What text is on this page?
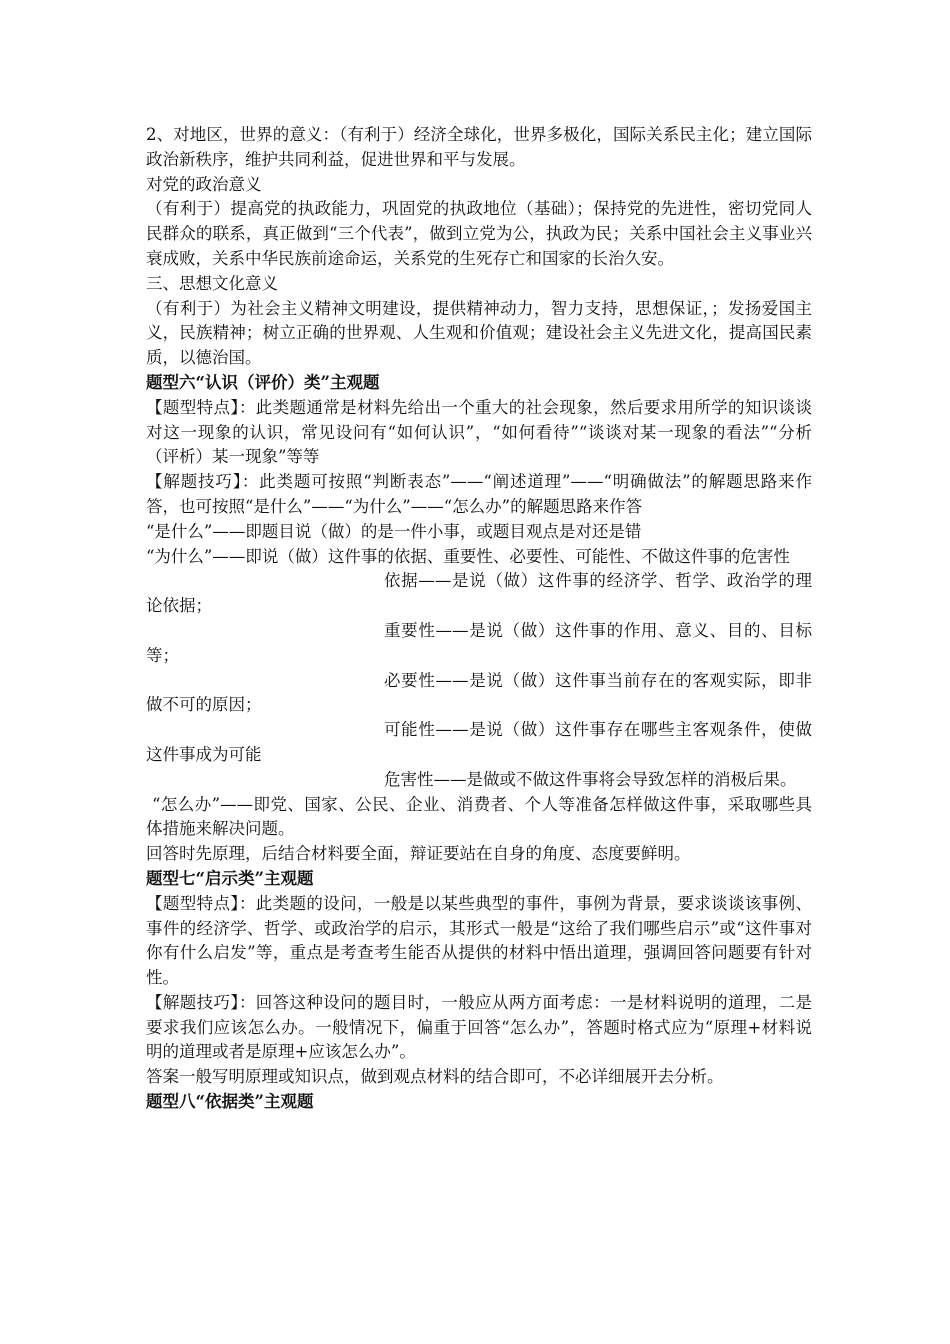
2、对地区，世界的意义：（有利于）经济全球化，世界多极化，国际关系民主化；建立国际政治新秩序，维护共同利益，促进世界和平与发展。

对党的政治意义

（有利于）提高党的执政能力，巩固党的执政地位（基础）；保持党的先进性，密切党同人民群众的联系，真正做到“三个代表”，做到立党为公，执政为民；关系中国社会主义事业兴衰成败，关系中华民族前途命运，关系党的生死存亡和国家的长治久安。

三、思想文化意义

（有利于）为社会主义精神文明建设，提供精神动力，智力支持，思想保证，；发扬爱国主义，民族精神；树立正确的世界观、人生观和价值观；建设社会主义先进文化，提高国民素质，以德治国。

题型六“认识（评价）类”主观题

【题型特点】：此类题通常是材料先给出一个重大的社会现象，然后要求用所学的知识谈谈对这一现象的认识，常见设问有“如何认识”，“如何看待”“谈谈对某一现象的看法”“分析（评析）某一现象”等等

【解题技巧】：此类题可按照“判断表态”——“阐述道理”——“明确做法”的解题思路来作答，也可按照“是什么”——“为什么”——“怎么办”的解题思路来作答

“是什么”——即题目说（做）的是一件小事，或题目观点是对还是错

“为什么”——即说（做）这件事的依据、重要性、必要性、可能性、不做这件事的危害性

依据——是说（做）这件事的经济学、哲学、政治学的理论依据；

重要性——是说（做）这件事的作用、意义、目的、目标等；

必要性——是说（做）这件事当前存在的客观实际，即非做不可的原因；

可能性——是说（做）这件事存在哪些主客观条件，使做这件事成为可能

危害性——是做或不做这件事将会导致怎样的消极后果。

“怎么办”——即党、国家、公民、企业、消费者、个人等准备怎样做这件事，采取哪些具体措施来解决问题。

回答时先原理，后结合材料要全面，辩证要站在自身的角度、态度要鲜明。

题型七“启示类”主观题

【题型特点】：此类题的设问，一般是以某些典型的事件，事例为背景，要求谈谈该事例、事件的经济学、哲学、或政治学的启示，其形式一般是“这给了我们哪些启示”或“这件事对你有什么启发”等，重点是考查考生能否从提供的材料中悟出道理，强调回答问题要有针对性。

【解题技巧】：回答这种设问的题目时，一般应从两方面考虑：一是材料说明的道理，二是要求我们应该怎么办。一般情况下，偏重于回答“怎么办”，答题时格式应为“原理+材料说明的道理或者是原理+应该怎么办”。

答案一般写明原理或知识点，做到观点材料的结合即可，不必详细展开去分析。

题型八“依据类”主观题
